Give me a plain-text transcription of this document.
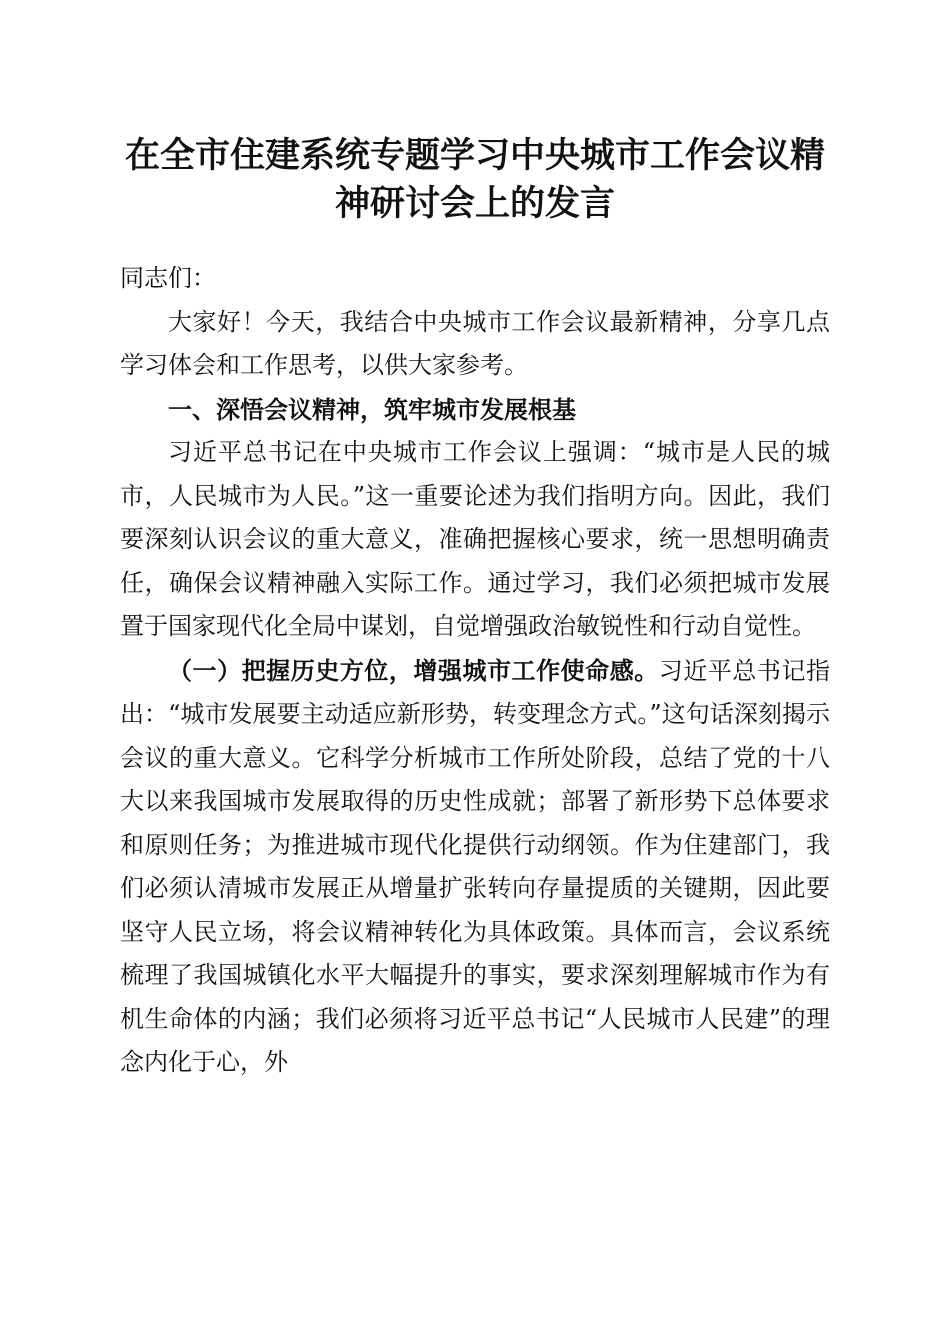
在全市住建系统专题学习中央城市工作会议精
神研讨会上的发言

同志们：

大家好！今天，我结合中央城市工作会议最新精神，分享几点学习体会和工作思考，以供大家参考。

一、深悟会议精神，筑牢城市发展根基

习近平总书记在中央城市工作会议上强调：“城市是人民的城市，人民城市为人民。”这一重要论述为我们指明方向。因此，我们要深刻认识会议的重大意义，准确把握核心要求，统一思想明确责任，确保会议精神融入实际工作。通过学习，我们必须把城市发展置于国家现代化全局中谋划，自觉增强政治敏锐性和行动自觉性。

（一）把握历史方位，增强城市工作使命感。习近平总书记指出：“城市发展要主动适应新形势，转变理念方式。”这句话深刻揭示会议的重大意义。它科学分析城市工作所处阶段，总结了党的十八大以来我国城市发展取得的历史性成就；部署了新形势下总体要求和原则任务；为推进城市现代化提供行动纲领。作为住建部门，我们必须认清城市发展正从增量扩张转向存量提质的关键期，因此要坚守人民立场，将会议精神转化为具体政策。具体而言，会议系统梳理了我国城镇化水平大幅提升的事实，要求深刻理解城市作为有机生命体的内涵；我们必须将习近平总书记“人民城市人民建”的理念内化于心，外
